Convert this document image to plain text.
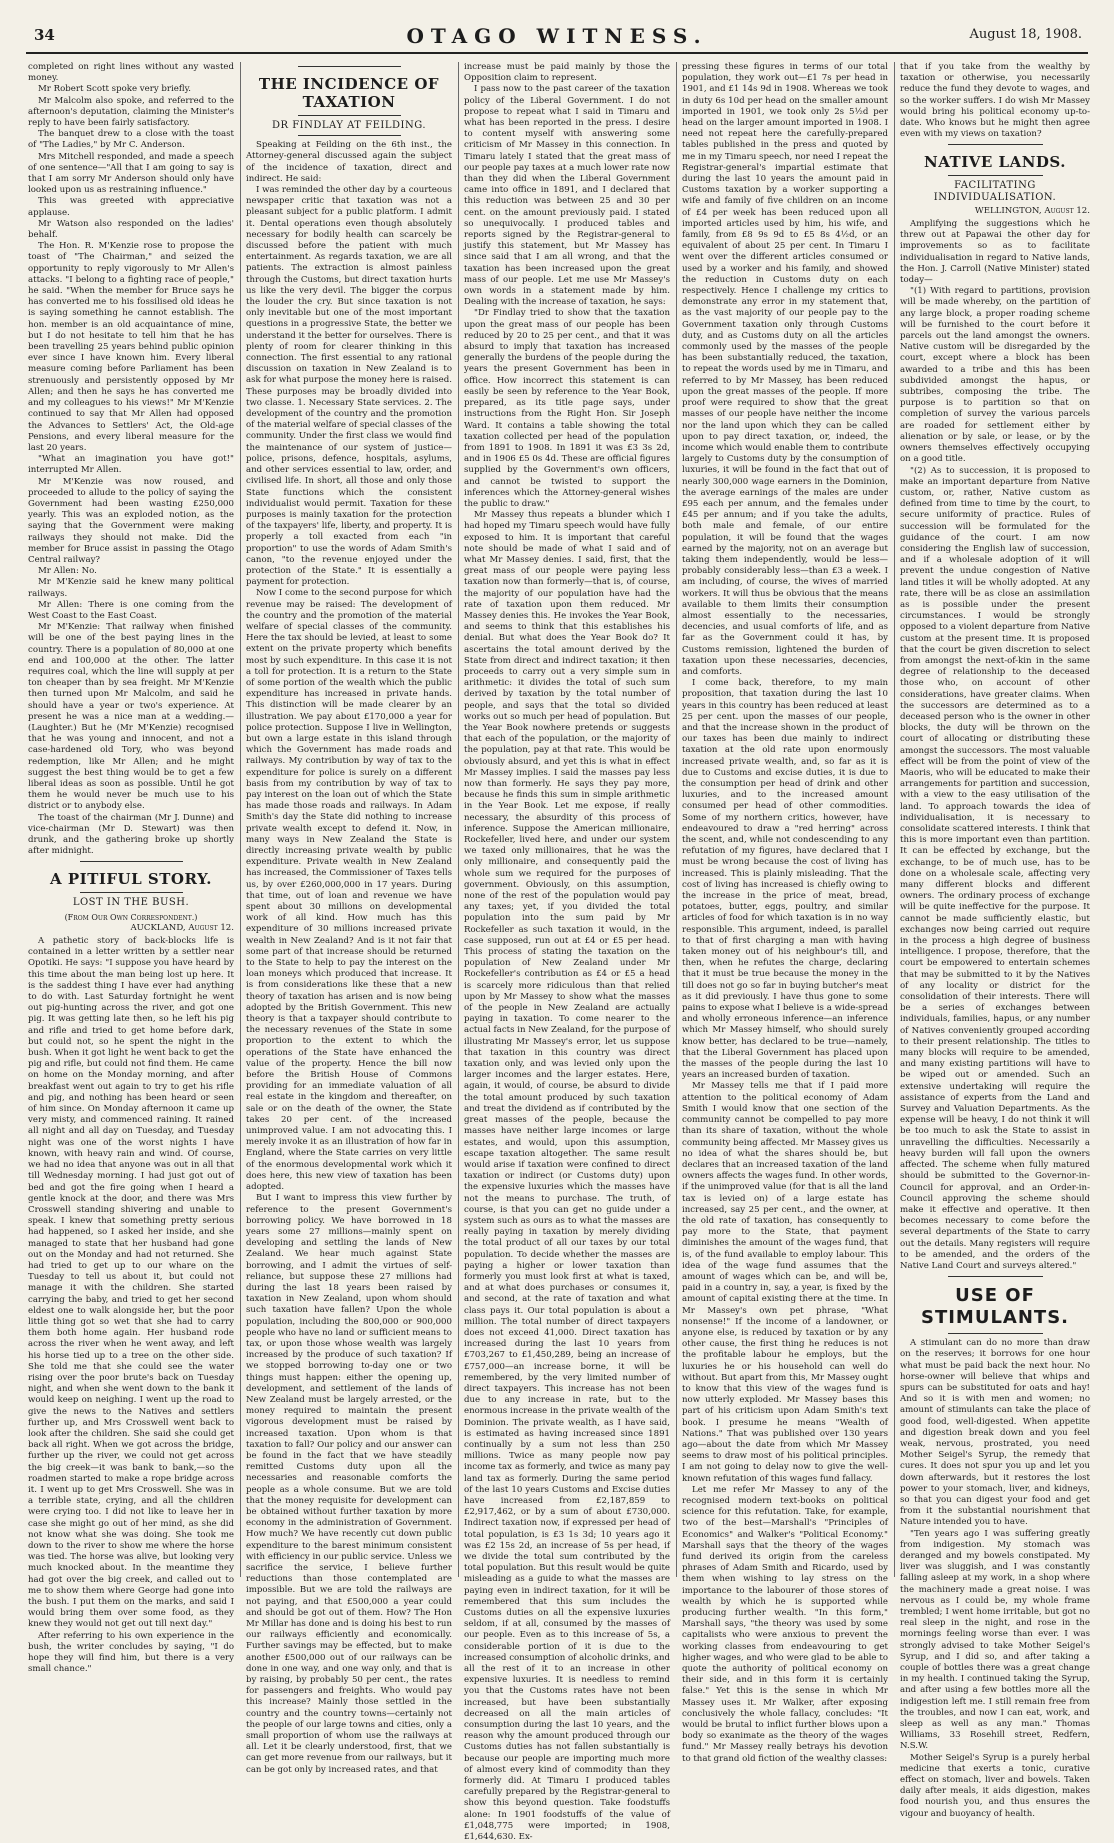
34	OTAGO WITNESS.	August 18, 1908.

completed on right lines without any wasted money.

Mr Robert Scott spoke very briefly.

Mr Malcolm also spoke, and referred to the afternoon's deputation, claiming the Minister's reply to have been fairly satisfactory.

The banquet drew to a close with the toast of "The Ladies," by Mr C. Anderson.

Mrs Mitchell responded, and made a speech of one sentence—"All that I am going to say is that I am sorry Mr Anderson should only have looked upon us as restraining influence."

This was greeted with appreciative applause.

Mr Watson also responded on the ladies' behalf.

The Hon. R. M'Kenzie rose to propose the toast of "The Chairman," and seized the opportunity to reply vigorously to Mr Allen's attacks. "I belong to a fighting race of people," he said. "When the member for Bruce says he has converted me to his fossilised old ideas he is saying something he cannot establish. The hon. member is an old acquaintance of mine, but I do not hesitate to tell him that he has been travelling 25 years behind public opinion ever since I have known him. Every liberal measure coming before Parliament has been strenuously and persistently opposed by Mr Allen; and then he says he has converted me and my colleagues to his views!" Mr M'Kenzie continued to say that Mr Allen had opposed the Advances to Settlers' Act, the Old-age Pensions, and every liberal measure for the last 20 years.

"What an imagination you have got!" interrupted Mr Allen.

Mr M'Kenzie was now roused, and proceeded to allude to the policy of saying the Government had been wasting £250,000 yearly. This was an exploded notion, as the saying that the Government were making railways they should not make. Did the member for Bruce assist in passing the Otago Central railway?

Mr Allen: No.

Mr M'Kenzie said he knew many political railways.

Mr Allen: There is one coming from the West Coast to the East Coast.

Mr M'Kenzie: That railway when finished will be one of the best paying lines in the country. There is a population of 80,000 at one end and 100,000 at the other. The latter requires coal, which the line will supply at per ton cheaper than by sea freight. Mr M'Kenzie then turned upon Mr Malcolm, and said he should have a year or two's experience. At present he was a nice man at a wedding.—(Laughter.) But he (Mr M'Kenzie) recognised that he was young and innocent, and not a case-hardened old Tory, who was beyond redemption, like Mr Allen; and he might suggest the best thing would be to get a few liberal ideas as soon as possible. Until he got them he would never be much use to his district or to anybody else.

The toast of the chairman (Mr J. Dunne) and vice-chairman (Mr D. Stewart) was then drunk, and the gathering broke up shortly after midnight.

A PITIFUL STORY.
LOST IN THE BUSH.

(From Our Own Correspondent.)

AUCKLAND, August 12.

A pathetic story of back-blocks life is contained in a letter written by a settler near Opotiki. He says: "I suppose you have heard by this time about the man being lost up here. It is the saddest thing I have ever had anything to do with. Last Saturday fortnight he went out pig-hunting across the river, and got one pig. It was getting late then, so he left his pig and rifle and tried to get home before dark, but could not, so he spent the night in the bush. When it got light he went back to get the pig and rifle, but could not find them. He came on home on the Monday morning, and after breakfast went out again to try to get his rifle and pig, and nothing has been heard or seen of him since. On Monday afternoon it came up very misty, and commenced raining. It rained all night and all day on Tuesday, and Tuesday night was one of the worst nights I have known, with heavy rain and wind. Of course, we had no idea that anyone was out in all that till Wednesday morning. I had just got out of bed and got the fire going when I heard a gentle knock at the door, and there was Mrs Crosswell standing shivering and unable to speak. I knew that something pretty serious had happened, so I asked her inside, and she managed to state that her husband had gone out on the Monday and had not returned. She had tried to get up to our whare on the Tuesday to tell us about it, but could not manage it with the children. She started carrying the baby, and tried to get her second eldest one to walk alongside her, but the poor little thing got so wet that she had to carry them both home again. Her husband rode across the river when he went away, and left his horse tied up to a tree on the other side. She told me that she could see the water rising over the poor brute's back on Tuesday night, and when she went down to the bank it would keep on neighing. I went up the road to give the news to the Natives and settlers further up, and Mrs Crosswell went back to look after the children. She said she could get back all right. When we got across the bridge, further up the river, we could not get across the big creek—it was bank to bank,—so the roadmen started to make a rope bridge across it. I went up to get Mrs Crosswell. She was in a terrible state, crying, and all the children were crying too. I did not like to leave her in case she might go out of her mind, as she did not know what she was doing. She took me down to the river to show me where the horse was tied. The horse was alive, but looking very much knocked about. In the meantime they had got over the big creek, and called out to me to show them where George had gone into the bush. I put them on the marks, and said I would bring them over some food, as they knew they would not get out till next day."

After referring to his own experience in the bush, the writer concludes by saying, "I do hope they will find him, but there is a very small chance."

THE INCIDENCE OF TAXATION
DR FINDLAY AT FEILDING.

Speaking at Feilding on the 6th inst., the Attorney-general discussed again the subject of the incidence of taxation, direct and indirect. He said:

I was reminded the other day by a courteous newspaper critic that taxation was not a pleasant subject for a public platform. I admit it. Dental operations even though absolutely necessary for bodily health can scarcely be discussed before the patient with much entertainment. As regards taxation, we are all patients. The extraction is almost painless through the Customs, but direct taxation hurts us like the very devil. The bigger the corpus the louder the cry. But since taxation is not only inevitable but one of the most important questions in a progressive State, the better we understand it the better for ourselves. There is plenty of room for clearer thinking in this connection. The first essential to any rational discussion on taxation in New Zealand is to ask for what purpose the money here is raised. These purposes may be broadly divided into two classe. 1. Necessary State services. 2. The development of the country and the promotion of the material welfare of special classes of the community. Under the first class we would find the maintenance of our system of justice—police, prisons, defence, hospitals, asylums, and other services essential to law, order, and civilised life. In short, all those and only those State functions which the consistent individualist would permit. Taxation for these purposes is mainly taxation for the protection of the taxpayers' life, liberty, and property. It is properly a toll exacted from each "in proportion" to use the words of Adam Smith's canon, "to the revenue enjoyed under the protection of the State." It is essentially a payment for protection.

Now I come to the second purpose for which revenue may be raised: The development of the country and the promotion of the material welfare of special classes of the community. Here the tax should be levied, at least to some extent on the private property which benefits most by such expenditure. In this case it is not a toll for protection. It is a return to the State of some portion of the wealth which the public expenditure has increased in private hands. This distinction will be made clearer by an illustration. We pay about £170,000 a year for police protection. Suppose I live in Wellington, but own a large estate in this island through which the Government has made roads and railways. My contribution by way of tax to the expenditure for police is surely on a different basis from my contribution by way of tax to pay interest on the loan out of which the State has made those roads and railways. In Adam Smith's day the State did nothing to increase private wealth except to defend it. Now, in many ways in New Zealand the State is directly increasing private wealth by public expenditure. Private wealth in New Zealand has increased, the Commissioner of Taxes tells us, by over £260,000,000 in 17 years. During that time, out of loan and revenue we have spent about 30 millions on developmental work of all kind. How much has this expenditure of 30 millions increased private wealth in New Zealand? And is it not fair that some part of that increase should be returned to the State to help to pay the interest on the loan moneys which produced that increase. It is from considerations like these that a new theory of taxation has arisen and is now being adopted by the British Government. This new theory is that a taxpayer should contribute to the necessary revenues of the State in some proportion to the extent to which the operations of the State have enhanced the value of the property. Hence the bill now before the British House of Commons providing for an immediate valuation of all real estate in the kingdom and thereafter, on sale or on the death of the owner, the State takes 20 per cent. of the increased unimproved value. I am not advocating this. I merely invoke it as an illustration of how far in England, where the State carries on very little of the enormous developmental work which it does here, this new view of taxation has been adopted.

But I want to impress this view further by reference to the present Government's borrowing policy. We have borrowed in 18 years some 27 millions—mainly spent on developing and settling the lands of New Zealand. We hear much against State borrowing, and I admit the virtues of self-reliance, but suppose these 27 millions had during the last 18 years been raised by taxation in New Zealand, upon whom should such taxation have fallen? Upon the whole population, including the 800,000 or 900,000 people who have no land or sufficient means to tax, or upon those whose wealth was largely increased by the produce of such taxation? If we stopped borrowing to-day one or two things must happen: either the opening up, development, and settlement of the lands of New Zealand must be largely arrested, or the money required to maintain the present vigorous development must be raised by increased taxation. Upon whom is that taxation to fall? Our policy and our answer can be found in the fact that we have steadily remitted Customs duty upon all the necessaries and reasonable comforts the people as a whole consume. But we are told that the money requisite for development can be obtained without further taxation by more economy in the administration of Government. How much? We have recently cut down public expenditure to the barest minimum consistent with efficiency in our public service. Unless we sacrifice the service, I believe further reductions than those contemplated are impossible. But we are told the railways are not paying, and that £500,000 a year could and should be got out of them. How? The Hon Mr Millar has done and is doing his best to run our railways efficiently and economically. Further savings may be effected, but to make another £500,000 out of our railways can be done in one way, and one way only, and that is by raising, by probably 50 per cent., the rates for passengers and freights. Who would pay this increase? Mainly those settled in the country and the country towns—certainly not the people of our large towns and cities, only a small proportion of whom use the railways at all. Let it be clearly understood, first, that we can get more revenue from our railways, but it can be got only by increased rates, and that

increase must be paid mainly by those the Opposition claim to represent.

I pass now to the past career of the taxation policy of the Liberal Government. I do not propose to repeat what I said in Timaru and what has been reported in the press. I desire to content myself with answering some criticism of Mr Massey in this connection. In Timaru lately I stated that the great mass of our people pay taxes at a much lower rate now than they did when the Liberal Government came into office in 1891, and I declared that this reduction was between 25 and 30 per cent. on the amount previously paid. I stated so unequivocally. I produced tables and reports signed by the Registrar-general to justify this statement, but Mr Massey has since said that I am all wrong, and that the taxation has been increased upon the great mass of our people. Let me use Mr Massey's own words in a statement made by him. Dealing with the increase of taxation, he says:

"Dr Findlay tried to show that the taxation upon the great mass of our people has been reduced by 20 to 25 per cent., and that it was absurd to imply that taxation has increased generally the burdens of the people during the years the present Government has been in office. How incorrect this statement is can easily be seen by reference to the Year Book, prepared, as its title page says, under instructions from the Right Hon. Sir Joseph Ward. It contains a table showing the total taxation collected per head of the population from 1891 to 1908. In 1891 it was £3 3s 2d, and in 1906 £5 0s 4d. These are official figures supplied by the Government's own officers, and cannot be twisted to support the inferences which the Attorney-general wishes the public to draw."

Mr Massey thus repeats a blunder which I had hoped my Timaru speech would have fully exposed to him. It is important that careful note should be made of what I said and of what Mr Massey denies. I said, first, that the great mass of our people were paying less taxation now than formerly—that is, of course, the majority of our population have had the rate of taxation upon them reduced. Mr Massey denies this. He invokes the Year Book, and seems to think that this establishes his denial. But what does the Year Book do? It ascertains the total amount derived by the State from direct and indirect taxation; it then proceeds to carry out a very simple sum in arithmetic: it divides the total of such sum derived by taxation by the total number of people, and says that the total so divided works out so much per head of population. But the Year Book nowhere pretends or suggests that each of the population, or the majority of the population, pay at that rate. This would be obviously absurd, and yet this is what in effect Mr Massey implies. I said the masses pay less now than formerly. He says they pay more, because he finds this sum in simple arithmetic in the Year Book. Let me expose, if really necessary, the absurdity of this process of inference. Suppose the American millionaire, Rockefeller, lived here, and under our system we taxed only millionaires, that he was the only millionaire, and consequently paid the whole sum we required for the purposes of government. Obviously, on this assumption, none of the rest of the population would pay any taxes; yet, if you divided the total population into the sum paid by Mr Rockefeller as such taxation it would, in the case supposed, run out at £4 or £5 per head. This process of stating the taxation on the population of New Zealand under Mr Rockefeller's contribution as £4 or £5 a head is scarcely more ridiculous than that relied upon by Mr Massey to show what the masses of the people in New Zealand are actually paying in taxation. To come nearer to the actual facts in New Zealand, for the purpose of illustrating Mr Massey's error, let us suppose that taxation in this country was direct taxation only, and was levied only upon the larger incomes and the larger estates. Here, again, it would, of course, be absurd to divide the total amount produced by such taxation and treat the dividend as if contributed by the great masses of the people, because the masses have neither large incomes or large estates, and would, upon this assumption, escape taxation altogether. The same result would arise if taxation were confined to direct taxation or indirect (or Customs duty) upon the expensive luxuries which the masses have not the means to purchase. The truth, of course, is that you can get no guide under a system such as ours as to what the masses are really paying in taxation by merely dividing the total product of all our taxes by our total population. To decide whether the masses are paying a higher or lower taxation than formerly you must look first at what is taxed, and at what does purchases or consumes it, and second, at the rate of taxation and what class pays it. Our total population is about a million. The total number of direct taxpayers does not exceed 41,000. Direct taxation has increased during the last 10 years from £703,267 to £1,450,289, being an increase of £757,000—an increase borne, it will be remembered, by the very limited number of direct taxpayers. This increase has not been due to any increase in rate, but to the enormous increase in the private wealth of the Dominion. The private wealth, as I have said, is estimated as having increased since 1891 continually by a sum not less than 250 millions. Twice as many people now pay income tax as formerly, and twice as many pay land tax as formerly. During the same period of the last 10 years Customs and Excise duties have increased from £2,187,859 to £2,917,462, or by a sum of about £730,000. Indirect taxation now, if expressed per head of total population, is £3 1s 3d; 10 years ago it was £2 15s 2d, an increase of 5s per head, if we divide the total sum contributed by the total population. But this result would be quite misleading as a guide to what the masses are paying even in indirect taxation, for it will be remembered that this sum includes the Customs duties on all the expensive luxuries seldom, if at all, consumed by the masses of our people. Even as to this increase of 5s, a considerable portion of it is due to the increased consumption of alcoholic drinks, and all the rest of it to an increase in other expensive luxuries. It is needless to remind you that the Customs rates have not been increased, but have been substantially decreased on all the main articles of consumption during the last 10 years, and the reason why the amount produced through our Customs duties has not fallen substantially is because our people are importing much more of almost every kind of commodity than they formerly did. At Timaru I produced tables carefully prepared by the Registrar-general to show this beyond question. Take foodstuffs alone: In 1901 foodstuffs of the value of £1,048,775 were imported; in 1908, £1,644,630. Ex-

pressing these figures in terms of our total population, they work out—£1 7s per head in 1901, and £1 14s 9d in 1908. Whereas we took in duty 6s 10d per head on the smaller amount imported in 1901, we took only 2s 5½d per head on the larger amount imported in 1908. I need not repeat here the carefully-prepared tables published in the press and quoted by me in my Timaru speech, nor need I repeat the Registrar-general's impartial estimate that during the last 10 years the amount paid in Customs taxation by a worker supporting a wife and family of five children on an income of £4 per week has been reduced upon all imported articles used by him, his wife, and family, from £8 9s 9d to £5 8s 4½d, or an equivalent of about 25 per cent. In Timaru I went over the different articles consumed or used by a worker and his family, and showed the reduction in Customs duty on each respectively. Hence I challenge my critics to demonstrate any error in my statement that, as the vast majority of our people pay to the Government taxation only through Customs duty, and as Customs duty on all the articles commonly used by the masses of the people has been substantially reduced, the taxation, to repeat the words used by me in Timaru, and referred to by Mr Massey, has been reduced upon the great masses of the people. If more proof were required to show that the great masses of our people have neither the income nor the land upon which they can be called upon to pay direct taxation, or, indeed, the income which would enable them to contribute largely to Customs duty by the consumption of luxuries, it will be found in the fact that out of nearly 300,000 wage earners in the Dominion, the average earnings of the males are under £95 each per annum, and the females under £45 per annum; and if you take the adults, both male and female, of our entire population, it will be found that the wages earned by the majority, not on an average but taking them independently, would be less—probably considerably less—than £3 a week. I am including, of course, the wives of married workers. It will thus be obvious that the means available to them limits their consumption almost essentially to the necessaries, decencies, and usual comforts of life, and as far as the Government could it has, by Customs remission, lightened the burden of taxation upon these necessaries, decencies, and comforts.

I come back, therefore, to my main proposition, that taxation during the last 10 years in this country has been reduced at least 25 per cent. upon the masses of our people, and that the increase shown in the product of our taxes has been due mainly to indirect taxation at the old rate upon enormously increased private wealth, and, so far as it is due to Customs and excise duties, it is due to the consumption per head of drink and other luxuries, and to the increased amount consumed per head of other commodities. Some of my northern critics, however, have endeavoured to draw a "red herring" across the scent, and, while not condescending to any refutation of my figures, have declared that I must be wrong because the cost of living has increased. This is plainly misleading. That the cost of living has increased is chiefly owing to the increase in the price of meat, bread, potatoes, butter, eggs, poultry, and similar articles of food for which taxation is in no way responsible. This argument, indeed, is parallel to that of first charging a man with having taken money out of his neighbour's till, and then, when he refutes the charge, declaring that it must be true because the money in the till does not go so far in buying butcher's meat as it did previously. I have thus gone to some pains to expose what I believe is a wide-spread and wholly erroneous inference—an inference which Mr Massey himself, who should surely know better, has declared to be true—namely, that the Liberal Government has placed upon the masses of the people during the last 10 years an increased burden of taxation.

Mr Massey tells me that if I paid more attention to the political economy of Adam Smith I would know that one section of the community cannot be compelled to pay more than its share of taxation, without the whole community being affected. Mr Massey gives us no idea of what the shares should be, but declares that an increased taxation of the land owners affects the wages fund. In other words, if the unimproved value (for that is all the land tax is levied on) of a large estate has increased, say 25 per cent., and the owner, at the old rate of taxation, has consequently to pay more to the State, that payment diminishes the amount of the wages fund, that is, of the fund available to employ labour. This idea of the wage fund assumes that the amount of wages which can be, and will be, paid in a country in, say, a year, is fixed by the amount of capital existing there at the time. In Mr Massey's own pet phrase, "What nonsense!" If the income of a landowner, or anyone else, is reduced by taxation or by any other cause, the first thing he reduces is not the profitable labour he employs, but the luxuries he or his household can well do without. But apart from this, Mr Massey ought to know that this view of the wages fund is now utterly exploded. Mr Massey bases this part of his criticism upon Adam Smith's text book. I presume he means "Wealth of Nations." That was published over 130 years ago—about the date from which Mr Massey seems to draw most of his political principles. I am not going to delay now to give the well-known refutation of this wages fund fallacy.

Let me refer Mr Massey to any of the recognised modern text-books on political science for this refutation. Take, for example, two of the best—Marshall's "Principles of Economics" and Walker's "Political Economy." Marshall says that the theory of the wages fund derived its origin from the careless phrases of Adam Smith and Ricardo, used by them when wishing to lay stress on the importance to the labourer of those stores of wealth by which he is supported while producing further wealth. "In this form," Marshall says, "the theory was used by some capitalists who were anxious to prevent the working classes from endeavouring to get higher wages, and who were glad to be able to quote the authority of political economy on their side, and in this form it is certainly false." Yet this is the sense in which Mr Massey uses it. Mr Walker, after exposing conclusively the whole fallacy, concludes: "It would be brutal to inflict further blows upon a body so exanimate as the theory of the wages fund." Mr Massey really betrays his devotion to that grand old fiction of the wealthy classes:

that if you take from the wealthy by taxation or otherwise, you necessarily reduce the fund they devote to wages, and so the worker suffers. I do wish Mr Massey would bring his political economy up-to-date. Who knows but he might then agree even with my views on taxation?

NATIVE LANDS.
FACILITATING INDIVIDUALISATION.

WELLINGTON, August 12.

Amplifying the suggestions which he threw out at Papawai the other day for improvements so as to facilitate individualisation in regard to Native lands, the Hon. J. Carroll (Native Minister) stated today—

"(1) With regard to partitions, provision will be made whereby, on the partition of any large block, a proper roading scheme will be furnished to the court before it parcels out the land amongst the owners. Native custom will be disregarded by the court, except where a block has been awarded to a tribe and this has been subdivided amongst the hapus, or subtribes, composing the tribe. The purpose is to partition so that on completion of survey the various parcels are roaded for settlement either by alienation or by sale, or lease, or by the owners themselves effectively occupying on a good title.

"(2) As to succession, it is proposed to make an important departure from Native custom, or, rather, Native custom as defined from time to time by the court, to secure uniformity of practice. Rules of succession will be formulated for the guidance of the court. I am now considering the English law of succession, and if a wholesale adoption of it will prevent the undue congestion of Native land titles it will be wholly adopted. At any rate, there will be as close an assimilation as is possible under the present circumstances. I would be strongly opposed to a violent departure from Native custom at the present time. It is proposed that the court be given discretion to select from amongst the next-of-kin in the same degree of relationship to the deceased those who, on account of other considerations, have greater claims. When the successors are determined as to a deceased person who is the owner in other blocks, the duty will be thrown on the court of allocating or distributing these amongst the successors. The most valuable effect will be from the point of view of the Maoris, who will be educated to make their arrangements for partition and succession, with a view to the easy utilisation of the land. To approach towards the idea of individualisation, it is necessary to consolidate scattered interests. I think that this is more important even than partition. It can be effected by exchange, but the exchange, to be of much use, has to be done on a wholesale scale, affecting very many different blocks and different owners. The ordinary process of exchange will be quite ineffective for the purpose. It cannot be made sufficiently elastic, but exchanges now being carried out require in the process a high degree of business intelligence. I propose, therefore, that the court be empowered to entertain schemes that may be submitted to it by the Natives of any locality or district for the consolidation of their interests. There will be a series of exchanges between individuals, families, hapus, or any number of Natives conveniently grouped according to their present relationship. The titles to many blocks will require to be amended, and many existing partitions will have to be wiped out or amended. Such an extensive undertaking will require the assistance of experts from the Land and Survey and Valuation Departments. As the expense will be heavy, I do not think it will be too much to ask the State to assist in unravelling the difficulties. Necessarily a heavy burden will fall upon the owners affected. The scheme when fully matured should be submitted to the Governor-in-Council for approval, and an Order-in-Council approving the scheme should make it effective and operative. It then becomes necessary to come before the several departments of the State to carry out the details. Many registers will require to be amended, and the orders of the Native Land Court and surveys altered."

USE OF STIMULANTS.

A stimulant can do no more than draw on the reserves; it borrows for one hour what must be paid back the next hour. No horse-owner will believe that whips and spurs can be substituted for oats and hay! And so it is with men and women; no amount of stimulants can take the place of good food, well-digested. When appetite and digestion break down and you feel weak, nervous, prostrated, you need Mother Seigel's Syrup, the remedy that cures. It does not spur you up and let you down afterwards, but it restores the lost power to your stomach, liver, and kidneys, so that you can digest your food and get from it the substantial nourishment that Nature intended you to have.

"Ten years ago I was suffering greatly from indigestion. My stomach was deranged and my bowels constipated. My liver was sluggish, and I was constantly falling asleep at my work, in a shop where the machinery made a great noise. I was nervous as I could be, my whole frame trembled; I went home irritable, but got no real sleep in the night, and rose in the mornings feeling worse than ever. I was strongly advised to take Mother Seigel's Syrup, and I did so, and after taking a couple of bottles there was a great change in my health. I continued taking the Syrup, and after using a few bottles more all the indigestion left me. I still remain free from the troubles, and now I can eat, work, and sleep as well as any man." Thomas Williams, 33 Rosehill street, Redfern, N.S.W.

Mother Seigel's Syrup is a purely herbal medicine that exerts a tonic, curative effect on stomach, liver and bowels. Taken daily after meals, it aids digestion, makes food nourish you, and thus ensures the vigour and buoyancy of health.
